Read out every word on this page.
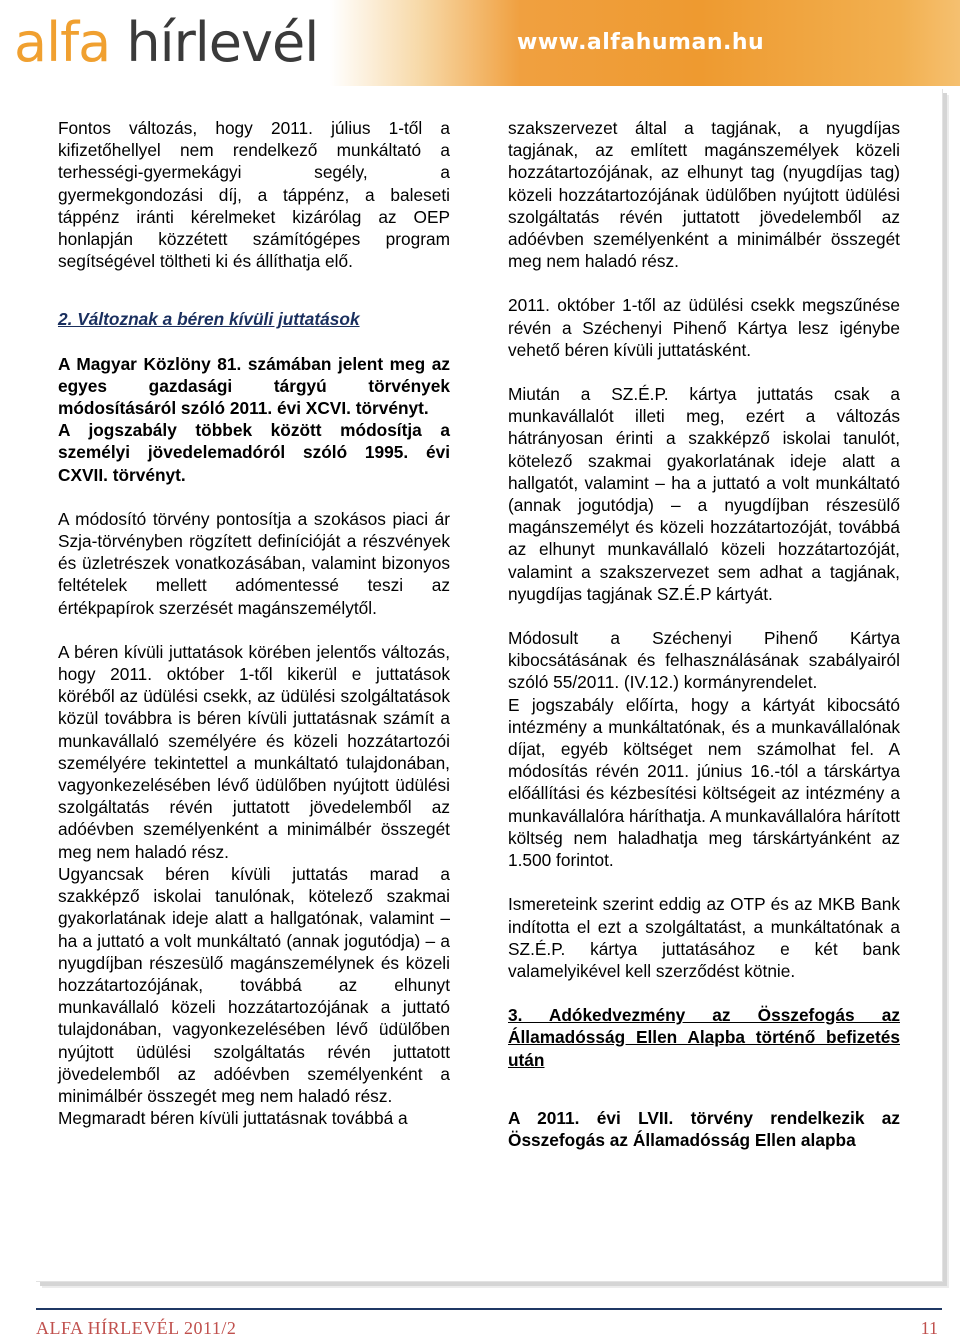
alfa hírlevél	www.alfahuman.hu

Fontos változás, hogy 2011. július 1-től a kifizetőhellyel nem rendelkező munkáltató a terhességi-gyermekágyi segély, a gyermekgondozási díj, a táppénz, a baleseti táppénz iránti kérelmeket kizárólag az OEP honlapján közzétett számítógépes program segítségével töltheti ki és állíthatja elő.

2. Változnak a béren kívüli juttatások

A Magyar Közlöny 81. számában jelent meg az egyes gazdasági tárgyú törvények módosításáról szóló 2011. évi XCVI. törvényt.

A jogszabály többek között módosítja a személyi jövedelemadóról szóló 1995. évi CXVII. törvényt.

A módosító törvény pontosítja a szokásos piaci ár Szja-törvényben rögzített definícióját a részvények és üzletrészek vonatkozásában, valamint bizonyos feltételek mellett adómentessé teszi az értékpapírok szerzését magánszemélytől.

A béren kívüli juttatások körében jelentős változás, hogy 2011. október 1-től kikerül e juttatások köréből az üdülési csekk, az üdülési szolgáltatások közül továbbra is béren kívüli juttatásnak számít a munkavállaló személyére és közeli hozzátartozói személyére tekintettel a munkáltató tulajdonában, vagyonkezelésében lévő üdülőben nyújtott üdülési szolgáltatás révén juttatott jövedelemből az adóévben személyenként a minimálbér összegét meg nem haladó rész.

Ugyancsak béren kívüli juttatás marad a szakképző iskolai tanulónak, kötelező szakmai gyakorlatának ideje alatt a hallgatónak, valamint – ha a juttató a volt munkáltató (annak jogutódja) – a nyugdíjban részesülő magánszemélynek és közeli hozzátartozójának, továbbá az elhunyt munkavállaló közeli hozzátartozójának a juttató tulajdonában, vagyonkezelésében lévő üdülőben nyújtott üdülési szolgáltatás révén juttatott jövedelemből az adóévben személyenként a minimálbér összegét meg nem haladó rész.

Megmaradt béren kívüli juttatásnak továbbá a

szakszervezet által a tagjának, a nyugdíjas tagjának, az említett magánszemélyek közeli hozzátartozójának, az elhunyt tag (nyugdíjas tag) közeli hozzátartozójának üdülőben nyújtott üdülési szolgáltatás révén juttatott jövedelemből az adóévben személyenként a minimálbér összegét meg nem haladó rész.

2011. október 1-től az üdülési csekk megszűnése révén a Széchenyi Pihenő Kártya lesz igénybe vehető béren kívüli juttatásként.

Miután a SZ.É.P. kártya juttatás csak a munkavállalót illeti meg, ezért a változás hátrányosan érinti a szakképző iskolai tanulót, kötelező szakmai gyakorlatának ideje alatt a hallgatót, valamint – ha a juttató a volt munkáltató (annak jogutódja) – a nyugdíjban részesülő magánszemélyt és közeli hozzátartozóját, továbbá az elhunyt munkavállaló közeli hozzátartozóját, valamint a szakszervezet sem adhat a tagjának, nyugdíjas tagjának SZ.É.P kártyát.

Módosult a Széchenyi Pihenő Kártya kibocsátásának és felhasználásának szabályairól szóló 55/2011. (IV.12.) kormányrendelet.

E jogszabály előírta, hogy a kártyát kibocsátó intézmény a munkáltatónak, és a munkavállalónak díjat, egyéb költséget nem számolhat fel. A módosítás révén 2011. június 16.-tól a társkártya előállítási és kézbesítési költségeit az intézmény a munkavállalóra háríthatja. A munkavállalóra hárított költség nem haladhatja meg társkártyánként az 1.500 forintot.

Ismereteink szerint eddig az OTP és az MKB Bank indította el ezt a szolgáltatást, a munkáltatónak a SZ.É.P. kártya juttatásához e két bank valamelyikével kell szerződést kötnie.

3. Adókedvezmény az Összefogás az Államadósság Ellen Alapba történő befizetés után

A 2011. évi LVII. törvény rendelkezik az Összefogás az Államadósság Ellen alapba

ALFA HÍRLEVÉL 2011/2	11
